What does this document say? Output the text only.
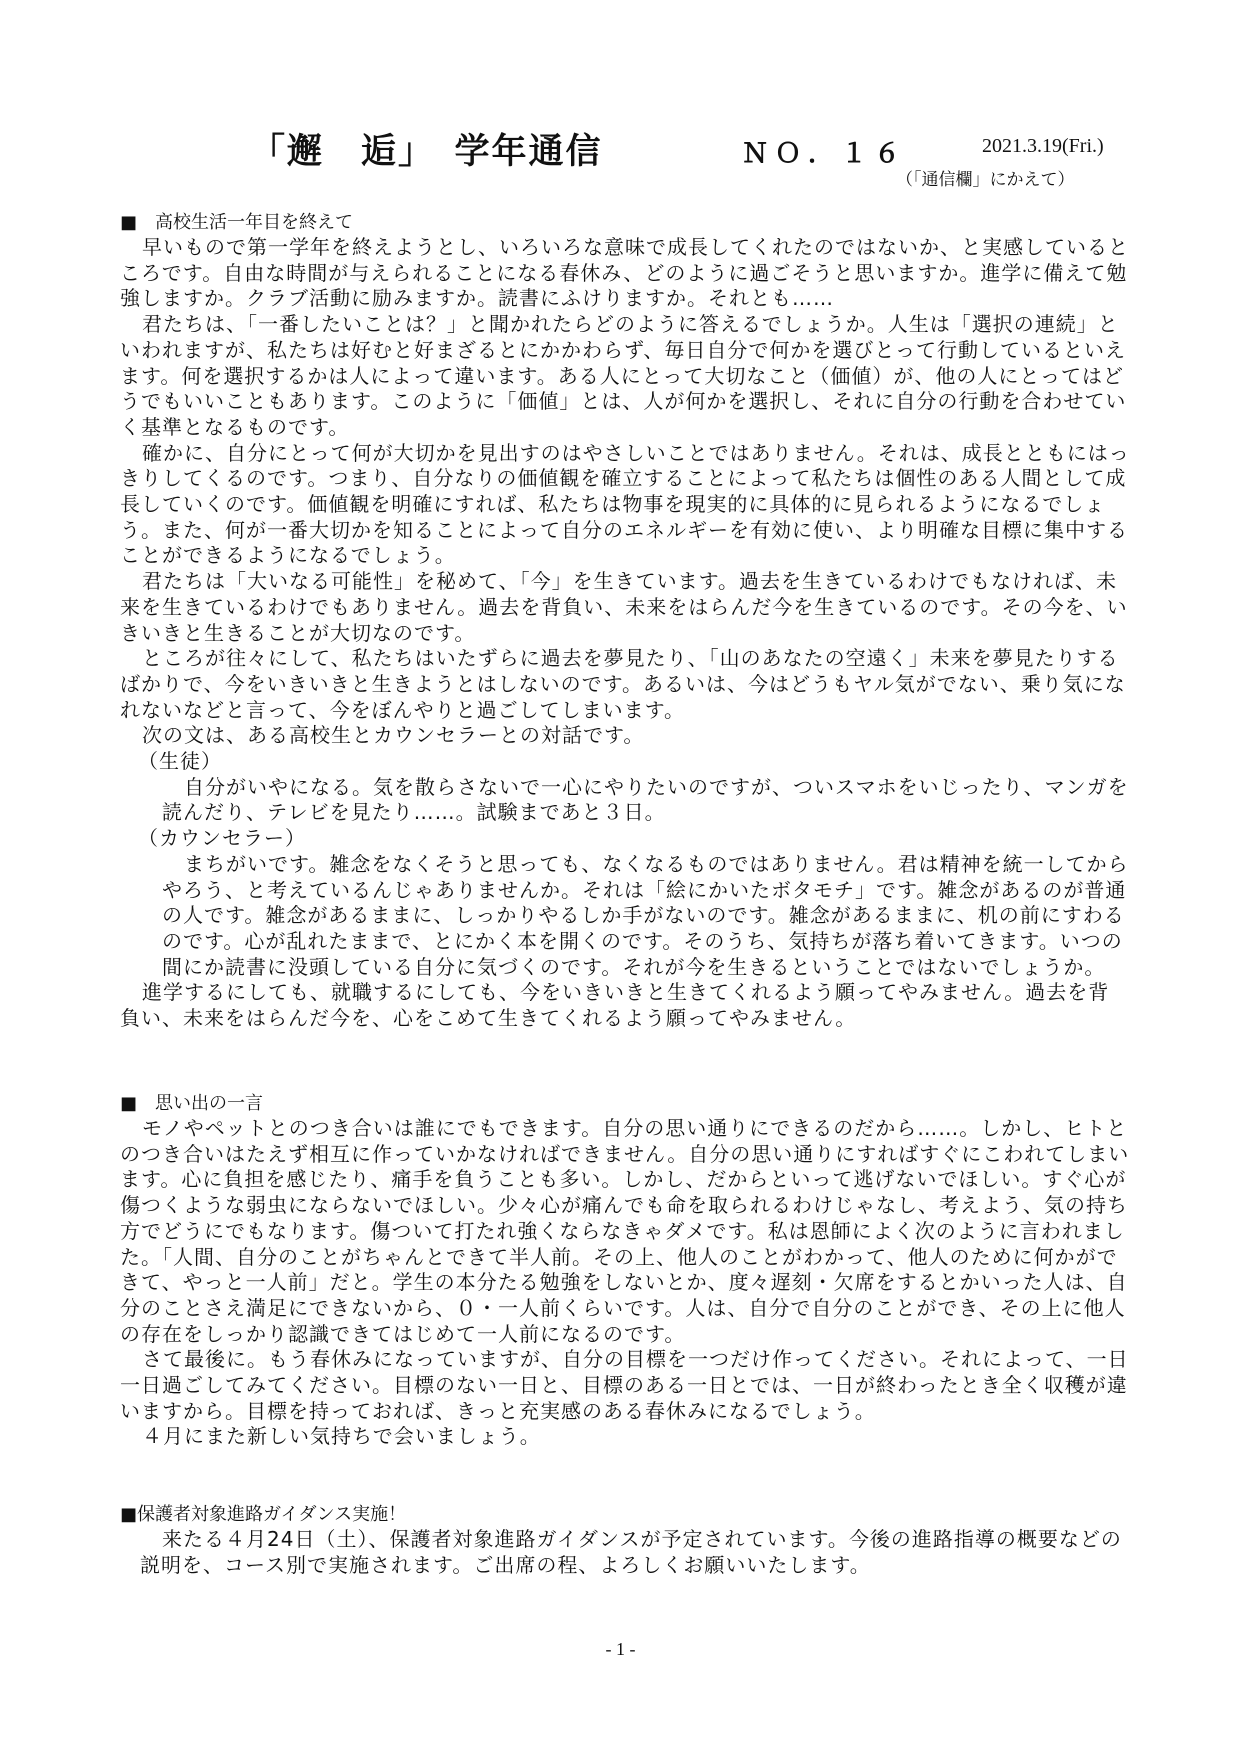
「邂　逅」　学年通信	ＮＯ．１６	2021.3.19(Fri.)
（「通信欄」にかえて）
■　高校生活一年目を終えて

早いもので第一学年を終えようとし、いろいろな意味で成長してくれたのではないか、と実感しているところです。自由な時間が与えられることになる春休み、どのように過ごそうと思いますか。進学に備えて勉強しますか。クラブ活動に励みますか。読書にふけりますか。それとも……

君たちは、「一番したいことは？」と聞かれたらどのように答えるでしょうか。人生は「選択の連続」といわれますが、私たちは好むと好まざるとにかかわらず、毎日自分で何かを選びとって行動しているといえます。何を選択するかは人によって違います。ある人にとって大切なこと（価値）が、他の人にとってはどうでもいいこともあります。このように「価値」とは、人が何かを選択し、それに自分の行動を合わせていく基準となるものです。

確かに、自分にとって何が大切かを見出すのはやさしいことではありません。それは、成長とともにはっきりしてくるのです。つまり、自分なりの価値観を確立することによって私たちは個性のある人間として成長していくのです。価値観を明確にすれば、私たちは物事を現実的に具体的に見られるようになるでしょう。また、何が一番大切かを知ることによって自分のエネルギーを有効に使い、より明確な目標に集中することができるようになるでしょう。

君たちは「大いなる可能性」を秘めて、「今」を生きています。過去を生きているわけでもなければ、未来を生きているわけでもありません。過去を背負い、未来をはらんだ今を生きているのです。その今を、いきいきと生きることが大切なのです。

ところが往々にして、私たちはいたずらに過去を夢見たり、「山のあなたの空遠く」未来を夢見たりするばかりで、今をいきいきと生きようとはしないのです。あるいは、今はどうもヤル気がでない、乗り気になれないなどと言って、今をぼんやりと過ごしてしまいます。

次の文は、ある高校生とカウンセラーとの対話です。

（生徒）

自分がいやになる。気を散らさないで一心にやりたいのですが、ついスマホをいじったり、マンガを読んだり、テレビを見たり……。試験まであと３日。

（カウンセラー）

まちがいです。雑念をなくそうと思っても、なくなるものではありません。君は精神を統一してからやろう、と考えているんじゃありませんか。それは「絵にかいたボタモチ」です。雑念があるのが普通の人です。雑念があるままに、しっかりやるしか手がないのです。雑念があるままに、机の前にすわるのです。心が乱れたままで、とにかく本を開くのです。そのうち、気持ちが落ち着いてきます。いつの間にか読書に没頭している自分に気づくのです。それが今を生きるということではないでしょうか。

進学するにしても、就職するにしても、今をいきいきと生きてくれるよう願ってやみません。過去を背負い、未来をはらんだ今を、心をこめて生きてくれるよう願ってやみません。

■　思い出の一言

モノやペットとのつき合いは誰にでもできます。自分の思い通りにできるのだから……。しかし、ヒトとのつき合いはたえず相互に作っていかなければできません。自分の思い通りにすればすぐにこわれてしまいます。心に負担を感じたり、痛手を負うことも多い。しかし、だからといって逃げないでほしい。すぐ心が傷つくような弱虫にならないでほしい。少々心が痛んでも命を取られるわけじゃなし、考えよう、気の持ち方でどうにでもなります。傷ついて打たれ強くならなきゃダメです。私は恩師によく次のように言われました。「人間、自分のことがちゃんとできて半人前。その上、他人のことがわかって、他人のために何かができて、やっと一人前」だと。学生の本分たる勉強をしないとか、度々遅刻・欠席をするとかいった人は、自分のことさえ満足にできないから、０・一人前くらいです。人は、自分で自分のことができ、その上に他人の存在をしっかり認識できてはじめて一人前になるのです。

さて最後に。もう春休みになっていますが、自分の目標を一つだけ作ってください。それによって、一日一日過ごしてみてください。目標のない一日と、目標のある一日とでは、一日が終わったとき全く収穫が違いますから。目標を持っておれば、きっと充実感のある春休みになるでしょう。

４月にまた新しい気持ちで会いましょう。

■保護者対象進路ガイダンス実施！

来たる４月24日（土）、保護者対象進路ガイダンスが予定されています。今後の進路指導の概要などの説明を、コース別で実施されます。ご出席の程、よろしくお願いいたします。

- 1 -
